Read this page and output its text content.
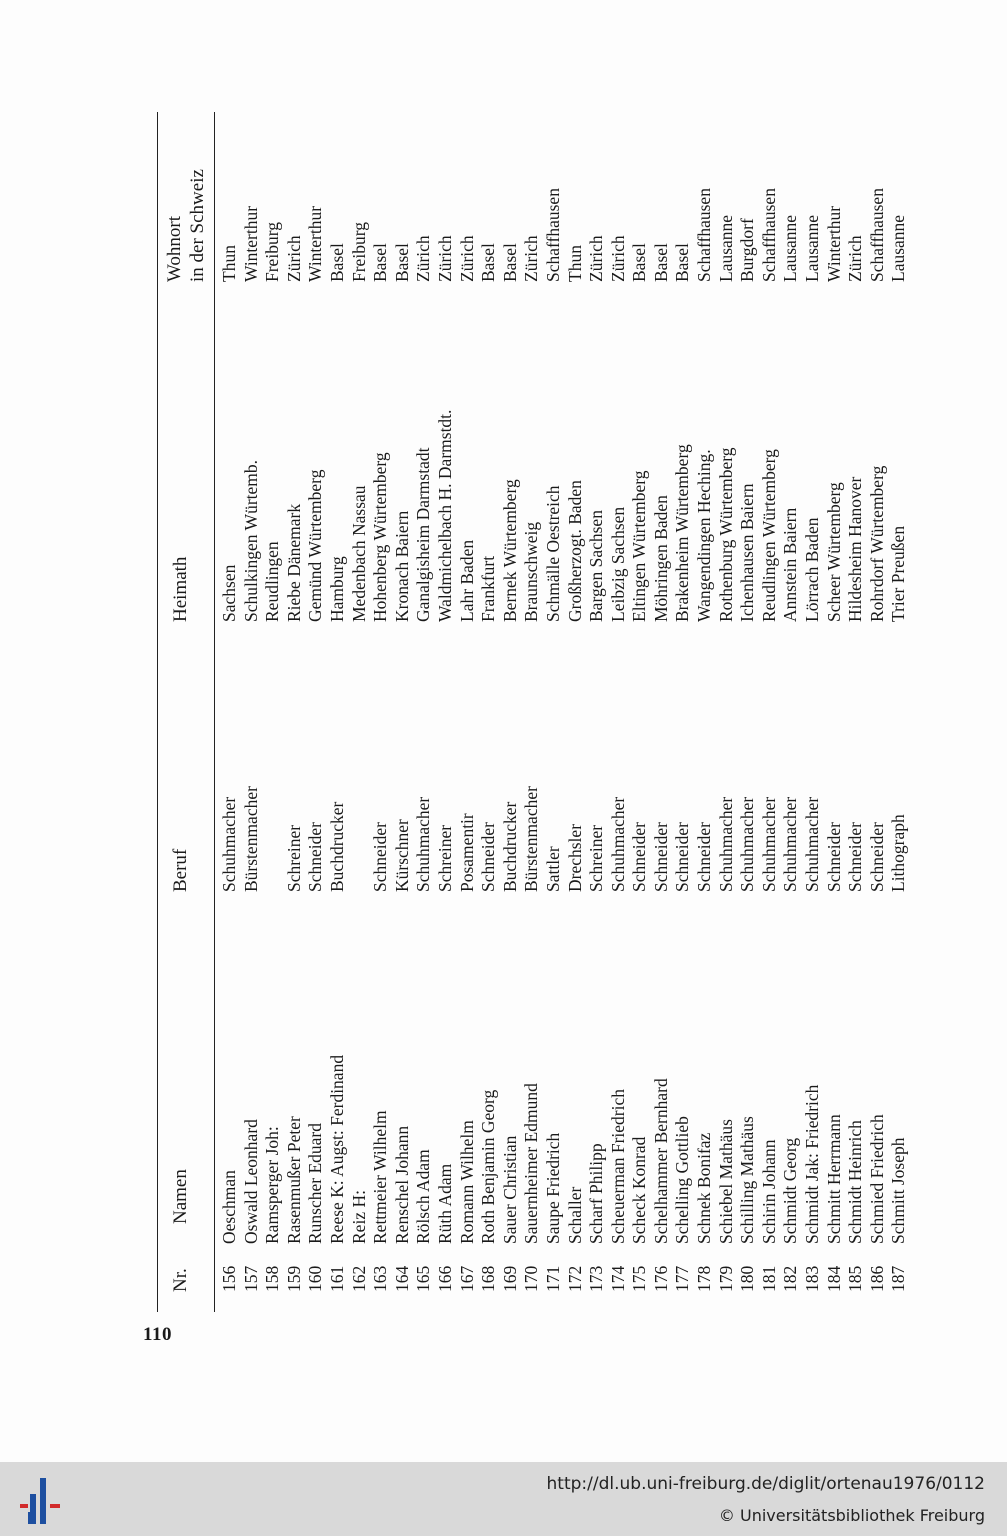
110
Nr.
Namen
Beruf
Heimath
Wohnort in der Schweiz
156
Oeschman
Schuhmacher
Sachsen
Thun
157
Oswald Leonhard
Bürstenmacher
Schulkingen Würtemb.
Winterthur
158
Ramsperger Joh:
Reudlingen
Freiburg
159
Rasenmußer Peter
Schreiner
Riebe Dänemark
Zürich
160
Runscher Eduard
Schneider
Gemünd Würtemberg
Winterthur
161
Reese K: Augst: Ferdinand
Buchdrucker
Hamburg
Basel
162
Reiz H:
Medenbach Nassau
Freiburg
163
Rettmeier Wilhelm
Schneider
Hohenberg Würtemberg
Basel
164
Renschel Johann
Kürschner
Kronach Baiern
Basel
165
Rölsch Adam
Schuhmacher
Ganalgisheim Darmstadt
Zürich
166
Rüth Adam
Schreiner
Waldmichelbach H. Darmstdt.
Zürich
167
Romann Wilhelm
Posamentir
Lahr Baden
Zürich
168
Roth Benjamin Georg
Schneider
Frankfurt
Basel
169
Sauer Christian
Buchdrucker
Bernek Würtemberg
Basel
170
Sauernheimer Edmund
Bürstenmacher
Braunschweig
Zürich
171
Saupe Friedrich
Sattler
Schmälle Oestreich
Schaffhausen
172
Schaller
Drechsler
Großherzogt. Baden
Thun
173
Scharf Philipp
Schreiner
Bargen Sachsen
Zürich
174
Scheuerman Friedrich
Schuhmacher
Leibzig Sachsen
Zürich
175
Scheck Konrad
Schneider
Eltingen Würtemberg
Basel
176
Schelhammer Bernhard
Schneider
Möhringen Baden
Basel
177
Schelling Gottlieb
Schneider
Brakenheim Würtemberg
Basel
178
Schnek Bonifaz
Schneider
Wangendingen Heching.
Schaffhausen
179
Schiebel Mathäus
Schuhmacher
Rothenburg Würtemberg
Lausanne
180
Schilling Mathäus
Schuhmacher
Ichenhausen Baiern
Burgdorf
181
Schirin Johann
Schuhmacher
Reudlingen Würtemberg
Schaffhausen
182
Schmidt Georg
Schuhmacher
Annstein Baiern
Lausanne
183
Schmidt Jak: Friedrich
Schuhmacher
Lörrach Baden
Lausanne
184
Schmitt Herrmann
Schneider
Scheer Würtemberg
Winterthur
185
Schmidt Heinrich
Schneider
Hildesheim Hanover
Zürich
186
Schmied Friedrich
Schneider
Rohrdorf Würtemberg
Schaffhausen
187
Schmitt Joseph
Lithograph
Trier Preußen
Lausanne
http://dl.ub.uni-freiburg.de/diglit/ortenau1976/0112
© Universitätsbibliothek Freiburg
